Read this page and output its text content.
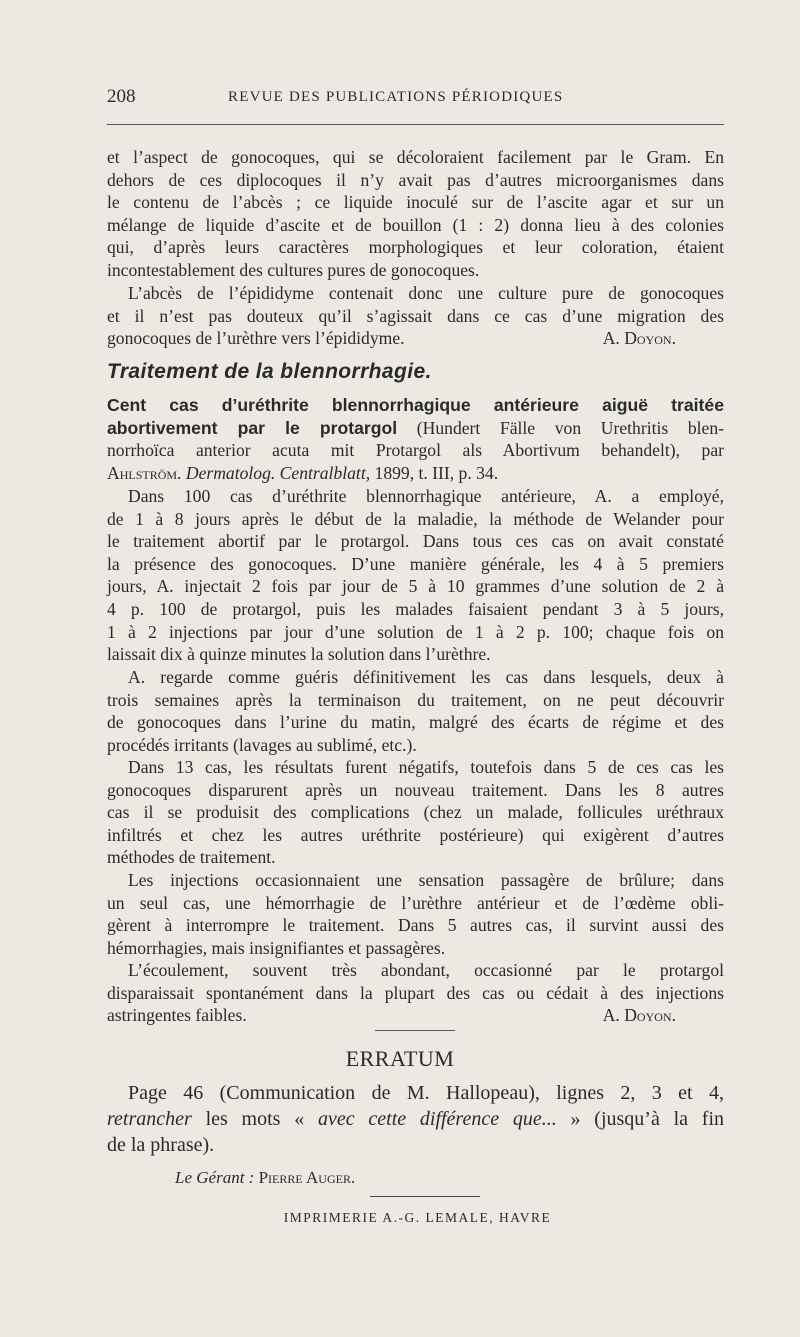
208	REVUE DES PUBLICATIONS PÉRIODIQUES
et l’aspect de gonocoques, qui se décoloraient facilement par le Gram. En
dehors de ces diplocoques il n’y avait pas d’autres microorganismes dans
le contenu de l’abcès ; ce liquide inoculé sur de l’ascite agar et sur un
mélange de liquide d’ascite et de bouillon (1 : 2) donna lieu à des colonies
qui, d’après leurs caractères morphologiques et leur coloration, étaient
incontestablement des cultures pures de gonocoques.
L’abcès de l’épididyme contenait donc une culture pure de gonocoques
et il n’est pas douteux qu’il s’agissait dans ce cas d’une migration des
gonocoques de l’urèthre vers l’épididyme.	A. Doyon.
Traitement de la blennorrhagie.
Cent cas d’uréthrite blennorrhagique antérieure aiguë traitée
abortivement par le protargol (Hundert Fälle von Urethritis blen-
norrhoïca anterior acuta mit Protargol als Abortivum behandelt), par
Ahlström. Dermatolog. Centralblatt, 1899, t. III, p. 34.
Dans 100 cas d’uréthrite blennorrhagique antérieure, A. a employé,
de 1 à 8 jours après le début de la maladie, la méthode de Welander pour
le traitement abortif par le protargol. Dans tous ces cas on avait constaté
la présence des gonocoques. D’une manière générale, les 4 à 5 premiers
jours, A. injectait 2 fois par jour de 5 à 10 grammes d’une solution de 2 à
4 p. 100 de protargol, puis les malades faisaient pendant 3 à 5 jours,
1 à 2 injections par jour d’une solution de 1 à 2 p. 100; chaque fois on
laissait dix à quinze minutes la solution dans l’urèthre.
A. regarde comme guéris définitivement les cas dans lesquels, deux à
trois semaines après la terminaison du traitement, on ne peut découvrir
de gonocoques dans l’urine du matin, malgré des écarts de régime et des
procédés irritants (lavages au sublimé, etc.).
Dans 13 cas, les résultats furent négatifs, toutefois dans 5 de ces cas les
gonocoques disparurent après un nouveau traitement. Dans les 8 autres
cas il se produisit des complications (chez un malade, follicules uréthraux
infiltrés et chez les autres uréthrite postérieure) qui exigèrent d’autres
méthodes de traitement.
Les injections occasionnaient une sensation passagère de brûlure; dans
un seul cas, une hémorrhagie de l’urèthre antérieur et de l’œdème obli-
gèrent à interrompre le traitement. Dans 5 autres cas, il survint aussi des
hémorrhagies, mais insignifiantes et passagères.
L’écoulement, souvent très abondant, occasionné par le protargol
disparaissait spontanément dans la plupart des cas ou cédait à des injections
astringentes faibles.	A. Doyon.
ERRATUM
Page 46 (Communication de M. Hallopeau), lignes 2, 3 et 4,
retrancher les mots « avec cette différence que... » (jusqu’à la fin
de la phrase).
Le Gérant : Pierre Auger.
IMPRIMERIE A.-G. LEMALE, HAVRE
